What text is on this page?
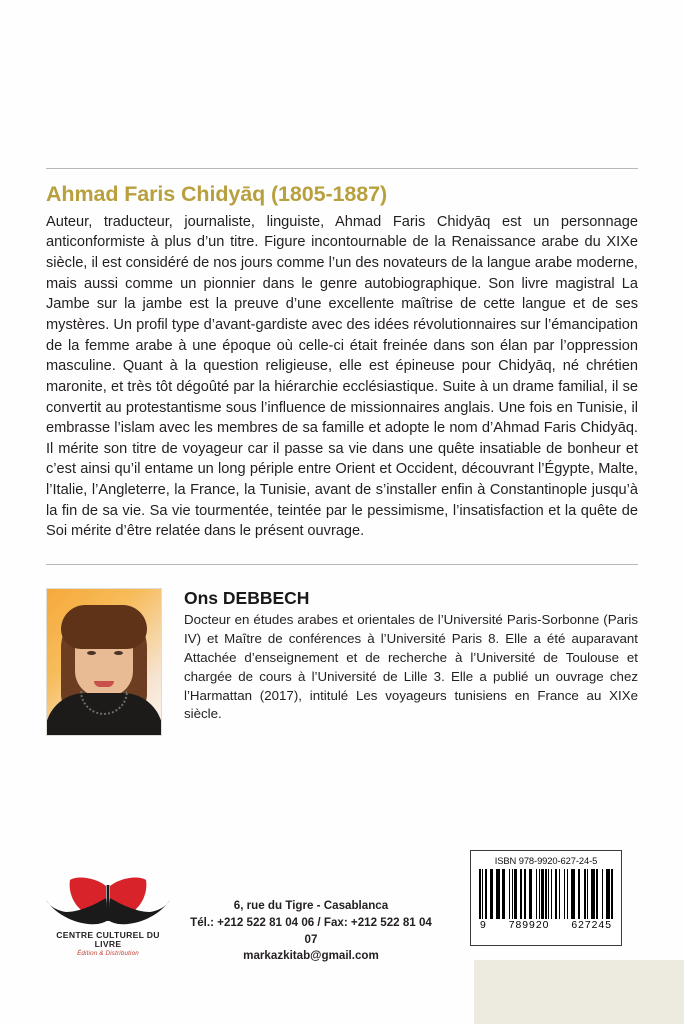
Ahmad Faris Chidyāq (1805-1887)

Auteur, traducteur, journaliste, linguiste, Ahmad Faris Chidyāq est un personnage anticonformiste à plus d’un titre. Figure incontournable de la Renaissance arabe du XIXe siècle, il est considéré de nos jours comme l’un des novateurs de la langue arabe moderne, mais aussi comme un pionnier dans le genre autobiographique. Son livre magistral La Jambe sur la jambe est la preuve d’une excellente maîtrise de cette langue et de ses mystères. Un profil type d’avant-gardiste avec des idées révolutionnaires sur l’émancipation de la femme arabe à une époque où celle-ci était freinée dans son élan par l’oppression masculine. Quant à la question religieuse, elle est épineuse pour Chidyāq, né chrétien maronite, et très tôt dégoûté par la hiérarchie ecclésiastique. Suite à un drame familial, il se convertit au protestantisme sous l’influence de missionnaires anglais. Une fois en Tunisie, il embrasse l’islam avec les membres de sa famille et adopte le nom d’Ahmad Faris Chidyāq. Il mérite son titre de voyageur car il passe sa vie dans une quête insatiable de bonheur et c’est ainsi qu’il entame un long périple entre Orient et Occident, découvrant l’Égypte, Malte, l’Italie, l’Angleterre, la France, la Tunisie, avant de s’installer enfin à Constantinople jusqu’à la fin de sa vie. Sa vie tourmentée, teintée par le pessimisme, l’insatisfaction et la quête de Soi mérite d’être relatée dans le présent ouvrage.

Ons DEBBECH

Docteur en études arabes et orientales de l’Université Paris-Sorbonne (Paris IV) et Maître de conférences à l’Université Paris 8. Elle a été auparavant Attachée d’enseignement et de recherche à l’Université de Toulouse et chargée de cours à l’Université de Lille 3. Elle a publié un ouvrage chez l’Harmattan (2017), intitulé Les voyageurs tunisiens en France au XIXe siècle.

CENTRE CULTUREL DU LIVRE
Édition & Distribution
6, rue du Tigre - Casablanca
Tél.: +212 522 81 04 06 / Fax: +212 522 81 04 07
markazkitab@gmail.com
ISBN 978-9920-627-24-5
9 789920 627245
